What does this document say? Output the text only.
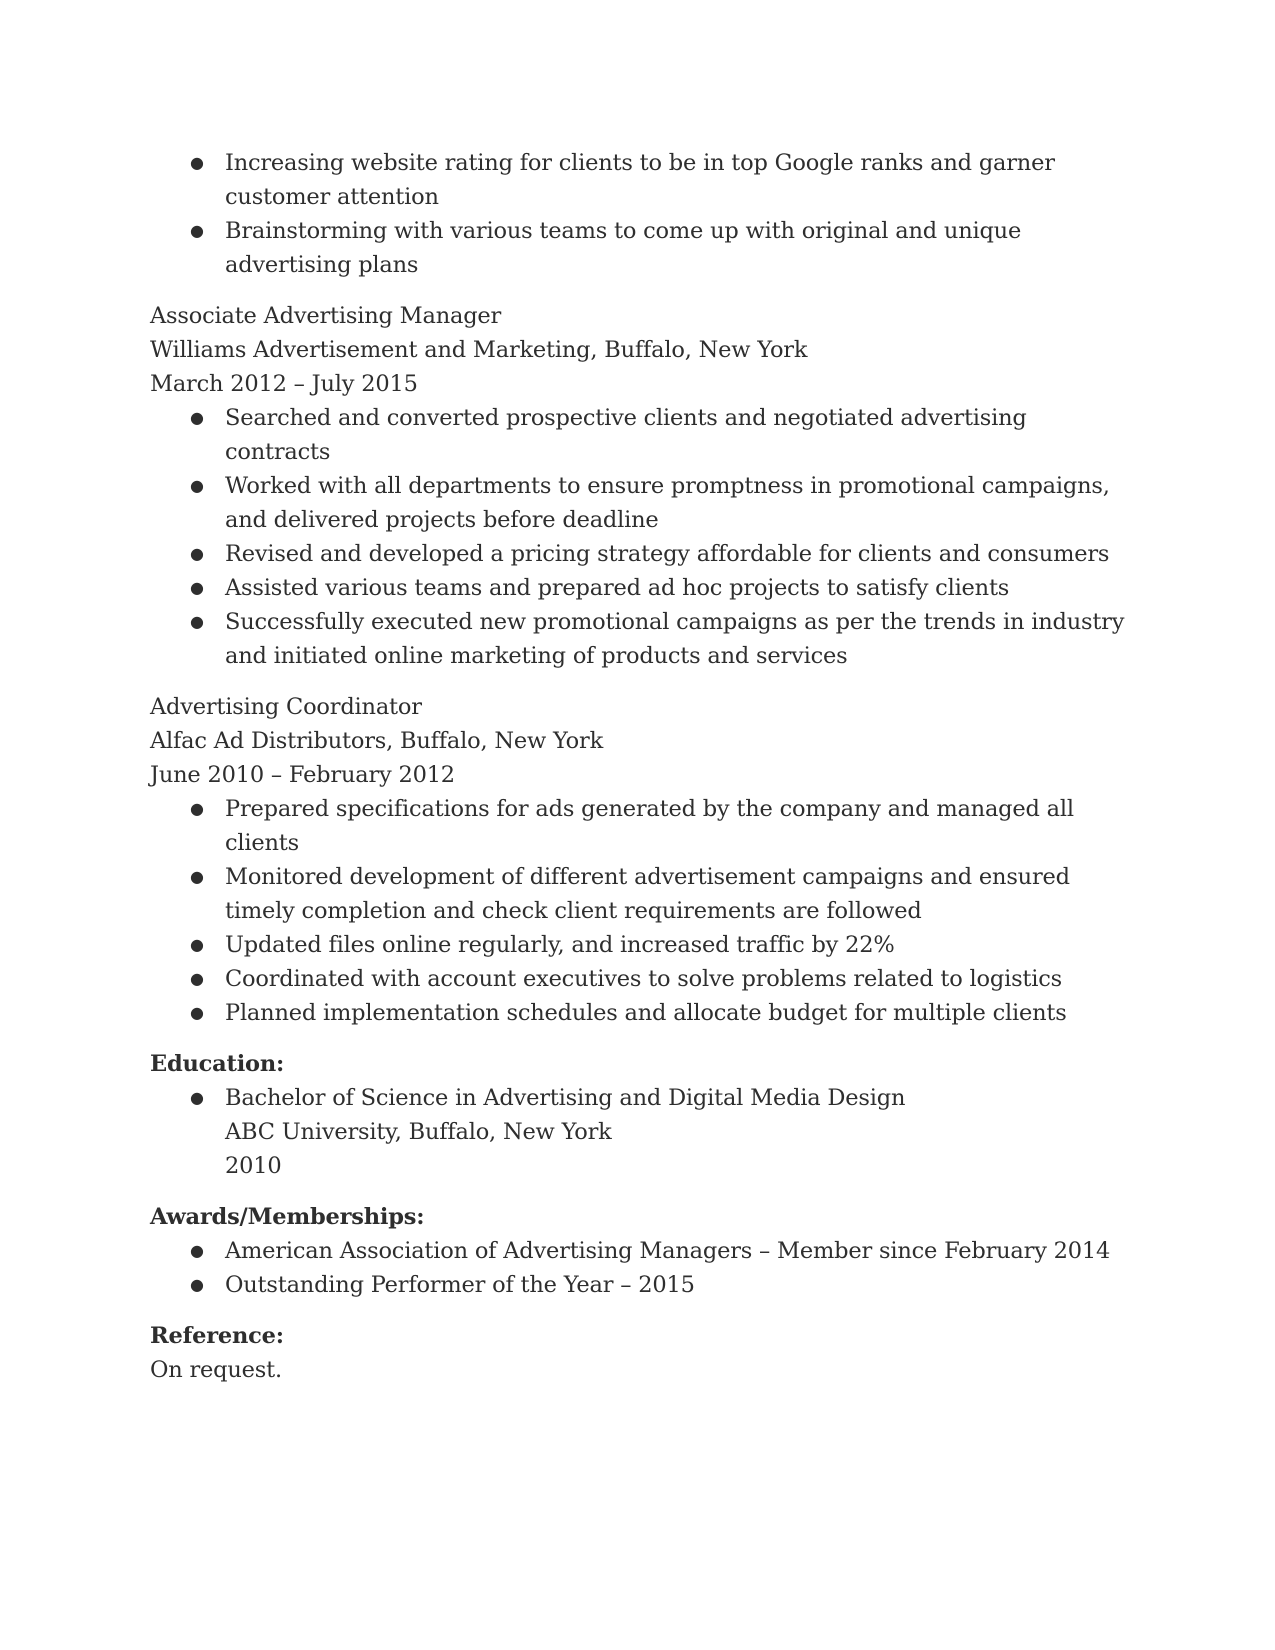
● Increasing website rating for clients to be in top Google ranks and garner customer attention
● Brainstorming with various teams to come up with original and unique advertising plans
Associate Advertising Manager
Williams Advertisement and Marketing, Buffalo, New York
March 2012 – July 2015
● Searched and converted prospective clients and negotiated advertising contracts
● Worked with all departments to ensure promptness in promotional campaigns, and delivered projects before deadline
● Revised and developed a pricing strategy affordable for clients and consumers
● Assisted various teams and prepared ad hoc projects to satisfy clients
● Successfully executed new promotional campaigns as per the trends in industry and initiated online marketing of products and services
Advertising Coordinator
Alfac Ad Distributors, Buffalo, New York
June 2010 – February 2012
● Prepared specifications for ads generated by the company and managed all clients
● Monitored development of different advertisement campaigns and ensured timely completion and check client requirements are followed
● Updated files online regularly, and increased traffic by 22%
● Coordinated with account executives to solve problems related to logistics
● Planned implementation schedules and allocate budget for multiple clients
Education:
● Bachelor of Science in Advertising and Digital Media Design
ABC University, Buffalo, New York
2010
Awards/Memberships:
● American Association of Advertising Managers – Member since February 2014
● Outstanding Performer of the Year – 2015
Reference:
On request.
